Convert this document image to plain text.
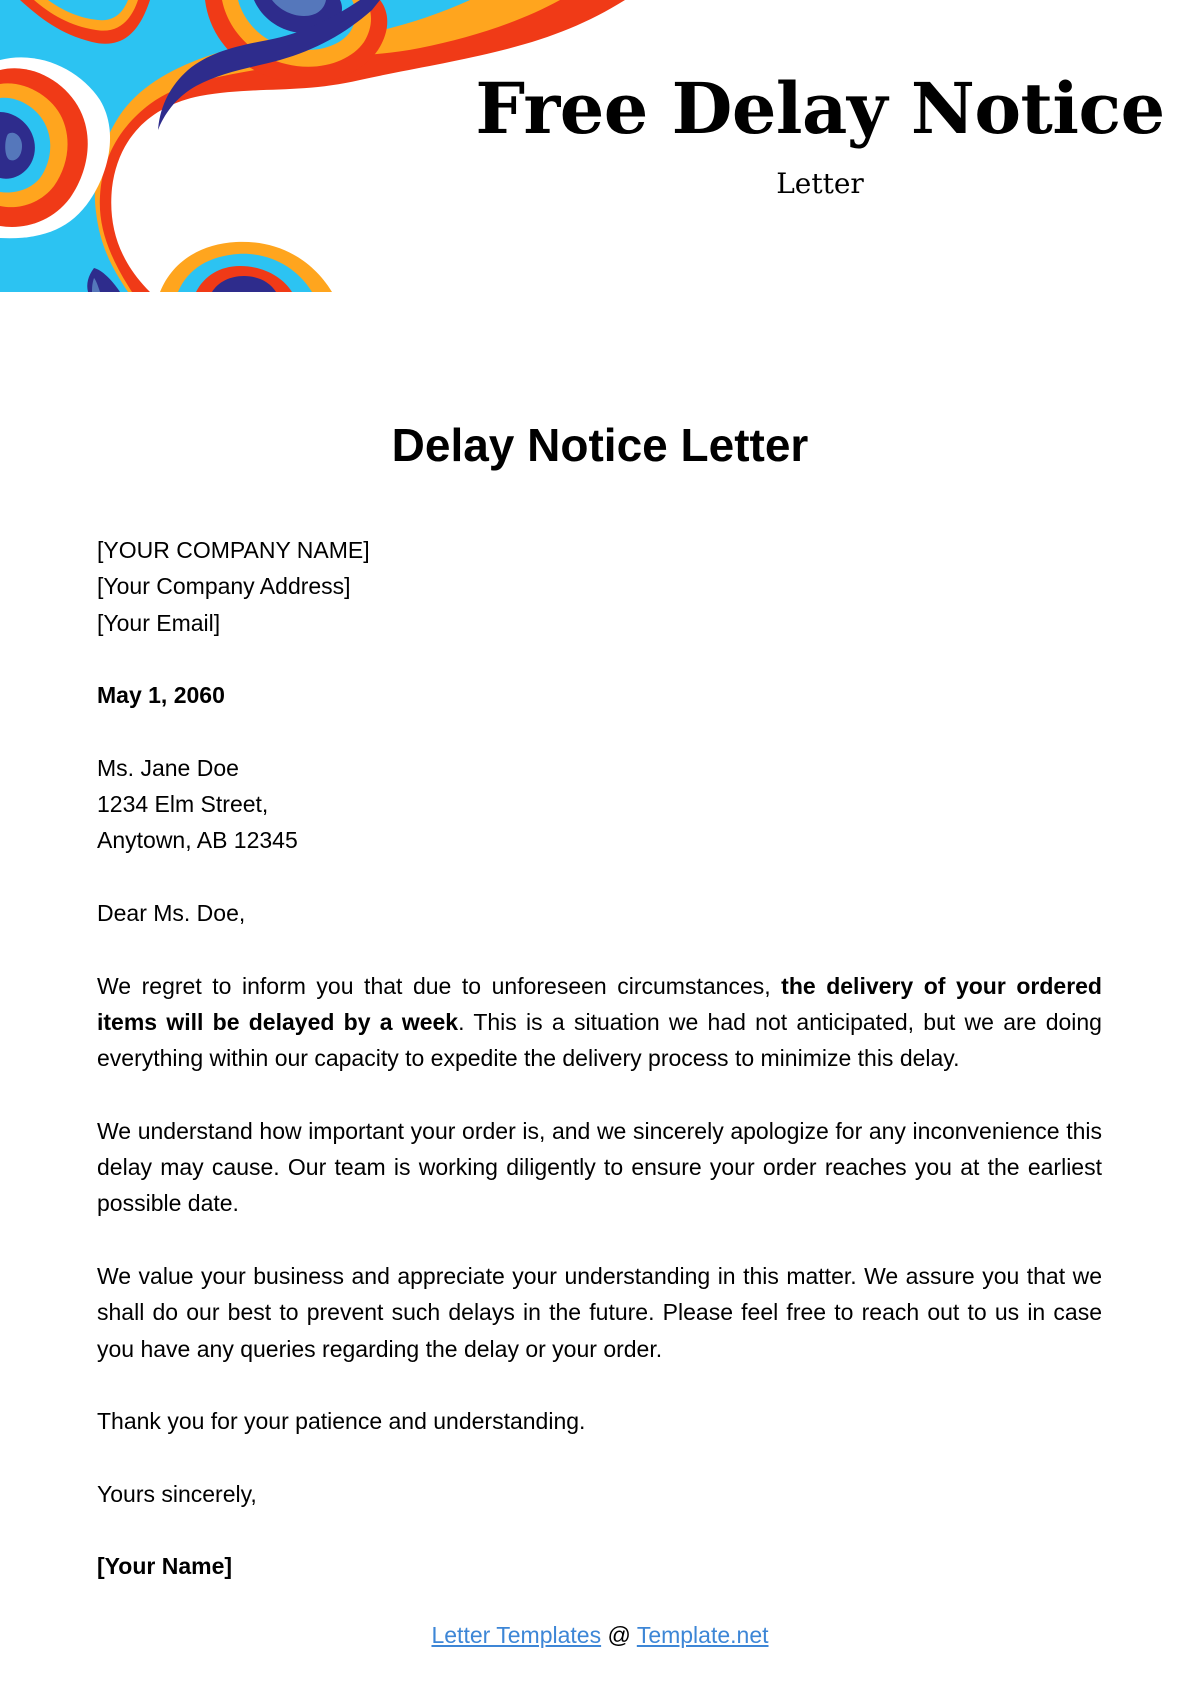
Free Delay Notice
Letter
Delay Notice Letter

[YOUR COMPANY NAME]
[Your Company Address]
[Your Email]

May 1, 2060

Ms. Jane Doe
1234 Elm Street,
Anytown, AB 12345

Dear Ms. Doe,

We regret to inform you that due to unforeseen circumstances, the delivery of your ordered items will be delayed by a week. This is a situation we had not anticipated, but we are doing everything within our capacity to expedite the delivery process to minimize this delay.

We understand how important your order is, and we sincerely apologize for any inconvenience this delay may cause. Our team is working diligently to ensure your order reaches you at the earliest possible date.

We value your business and appreciate your understanding in this matter. We assure you that we shall do our best to prevent such delays in the future. Please feel free to reach out to us in case you have any queries regarding the delay or your order.

Thank you for your patience and understanding.

Yours sincerely,

[Your Name]

Letter Templates @ Template.net
